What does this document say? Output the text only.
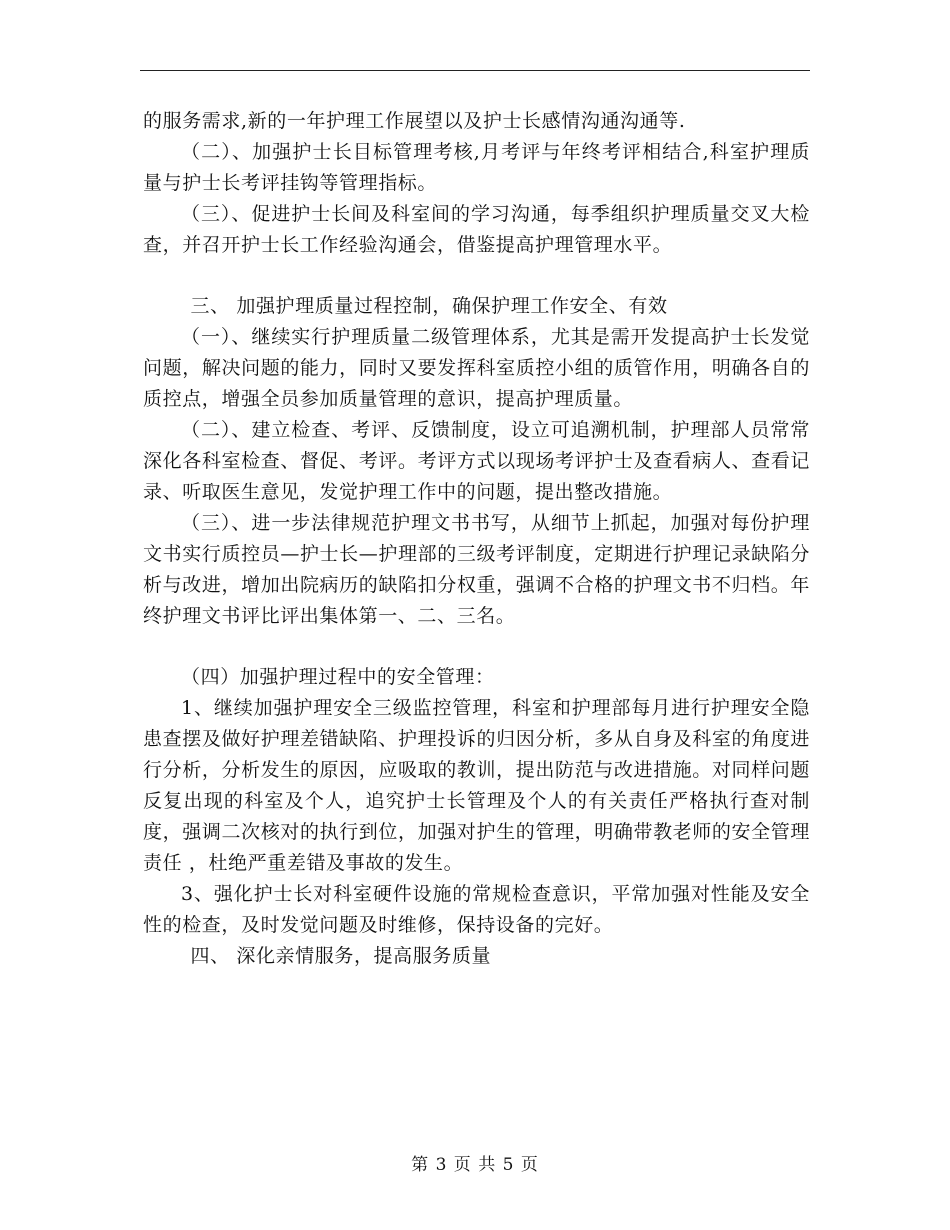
的服务需求,新的一年护理工作展望以及护士长感情沟通沟通等.

（二）、加强护士长目标管理考核,月考评与年终考评相结合,科室护理质量与护士长考评挂钩等管理指标。

（三）、促进护士长间及科室间的学习沟通，每季组织护理质量交叉大检查，并召开护士长工作经验沟通会，借鉴提高护理管理水平。

三、 加强护理质量过程控制，确保护理工作安全、有效

（一）、继续实行护理质量二级管理体系，尤其是需开发提高护士长发觉问题，解决问题的能力，同时又要发挥科室质控小组的质管作用，明确各自的质控点，增强全员参加质量管理的意识，提高护理质量。

（二）、建立检查、考评、反馈制度，设立可追溯机制，护理部人员常常深化各科室检查、督促、考评。考评方式以现场考评护士及查看病人、查看记录、听取医生意见，发觉护理工作中的问题，提出整改措施。

（三）、进一步法律规范护理文书书写，从细节上抓起，加强对每份护理文书实行质控员—护士长—护理部的三级考评制度，定期进行护理记录缺陷分析与改进，增加出院病历的缺陷扣分权重，强调不合格的护理文书不归档。年终护理文书评比评出集体第一、二、三名。

（四）加强护理过程中的安全管理：

1、继续加强护理安全三级监控管理，科室和护理部每月进行护理安全隐患查摆及做好护理差错缺陷、护理投诉的归因分析，多从自身及科室的角度进行分析，分析发生的原因，应吸取的教训，提出防范与改进措施。对同样问题反复出现的科室及个人，追究护士长管理及个人的有关责任严格执行查对制度，强调二次核对的执行到位，加强对护生的管理，明确带教老师的安全管理责任 ，杜绝严重差错及事故的发生。

3、强化护士长对科室硬件设施的常规检查意识，平常加强对性能及安全性的检查，及时发觉问题及时维修，保持设备的完好。

四、 深化亲情服务，提高服务质量

第 3 页 共 5 页
